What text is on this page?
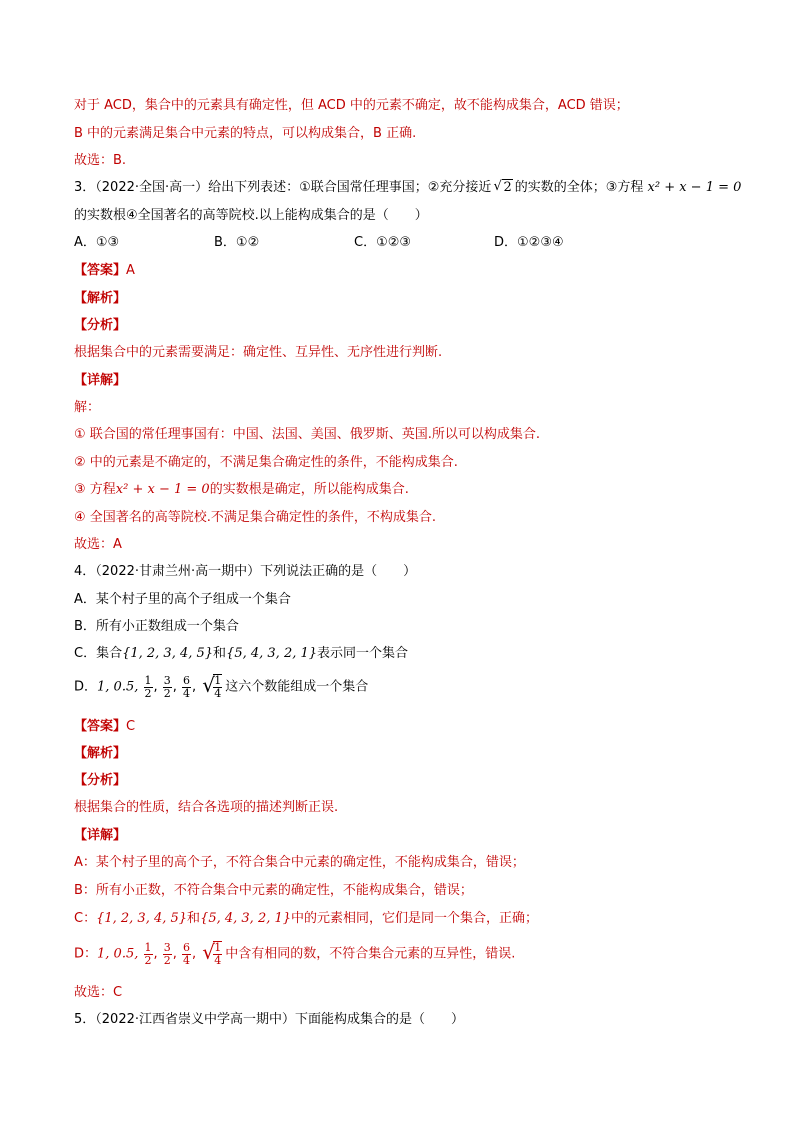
对于 ACD，集合中的元素具有确定性，但 ACD 中的元素不确定，故不能构成集合，ACD 错误；
B 中的元素满足集合中元素的特点，可以构成集合，B 正确.
故选：B.
3．（2022·全国·高一）给出下列表述：①联合国常任理事国；②充分接近 √ 2 的实数的全体；③方程 x² + x − 1 = 0
的实数根④全国著名的高等院校.以上能构成集合的是（　　）
A．①③	B．①②	C．①②③	D．①②③④
【答案】A
【解析】
【分析】
根据集合中的元素需要满足：确定性、互异性、无序性进行判断.
【详解】
解：
① 联合国的常任理事国有：中国、法国、美国、俄罗斯、英国.所以可以构成集合.
② 中的元素是不确定的，不满足集合确定性的条件，不能构成集合.
③ 方程x² + x − 1 = 0的实数根是确定，所以能构成集合.
④ 全国著名的高等院校.不满足集合确定性的条件，不构成集合.
故选：A
4．（2022·甘肃兰州·高一期中）下列说法正确的是（　　）
A．某个村子里的高个子组成一个集合
B．所有小正数组成一个集合
C．集合{1, 2, 3, 4, 5}和{5, 4, 3, 2, 1}表示同一个集合
D．1, 0.5, $\frac{1}{2}$ , $\frac{3}{2}$ , $\frac{6}{4}$ , √ $\frac{1}{4}$ 这六个数能组成一个集合
【答案】C
【解析】
【分析】
根据集合的性质，结合各选项的描述判断正误.
【详解】
A：某个村子里的高个子，不符合集合中元素的确定性，不能构成集合，错误；
B：所有小正数，不符合集合中元素的确定性，不能构成集合，错误；
C：{1, 2, 3, 4, 5}和{5, 4, 3, 2, 1}中的元素相同，它们是同一个集合，正确；
D：1, 0.5, $\frac{1}{2}$ , $\frac{3}{2}$ , $\frac{6}{4}$ , √ $\frac{1}{4}$ 中含有相同的数，不符合集合元素的互异性，错误.
故选：C
5．（2022·江西省崇义中学高一期中）下面能构成集合的是（　　）
